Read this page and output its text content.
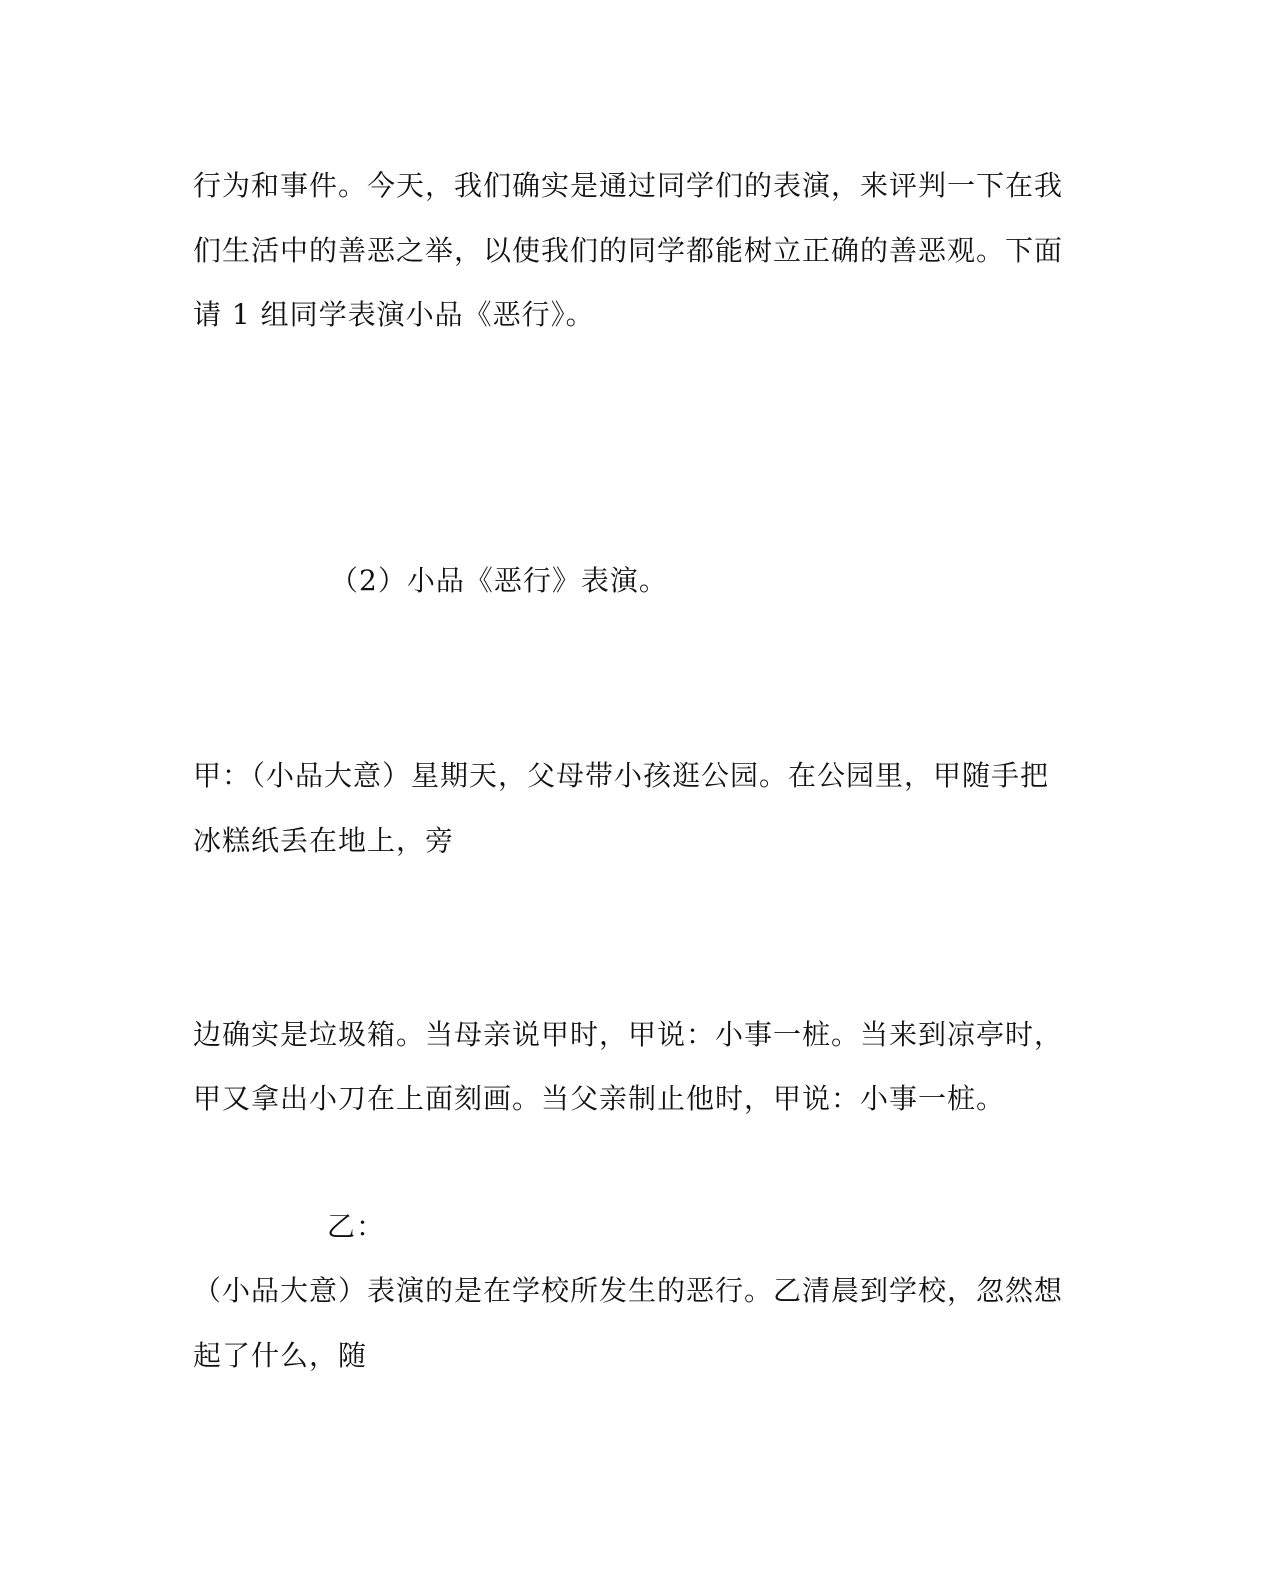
行为和事件。今天，我们确实是通过同学们的表演，来评判一下在我
们生活中的善恶之举，以使我们的同学都能树立正确的善恶观。下面
请 1 组同学表演小品《恶行》。
（2）小品《恶行》表演。
甲：（小品大意）星期天，父母带小孩逛公园。在公园里，甲随手把
冰糕纸丢在地上，旁
边确实是垃圾箱。当母亲说甲时，甲说：小事一桩。当来到凉亭时，
甲又拿出小刀在上面刻画。当父亲制止他时，甲说：小事一桩。
乙：
（小品大意）表演的是在学校所发生的恶行。乙清晨到学校，忽然想
起了什么，随
